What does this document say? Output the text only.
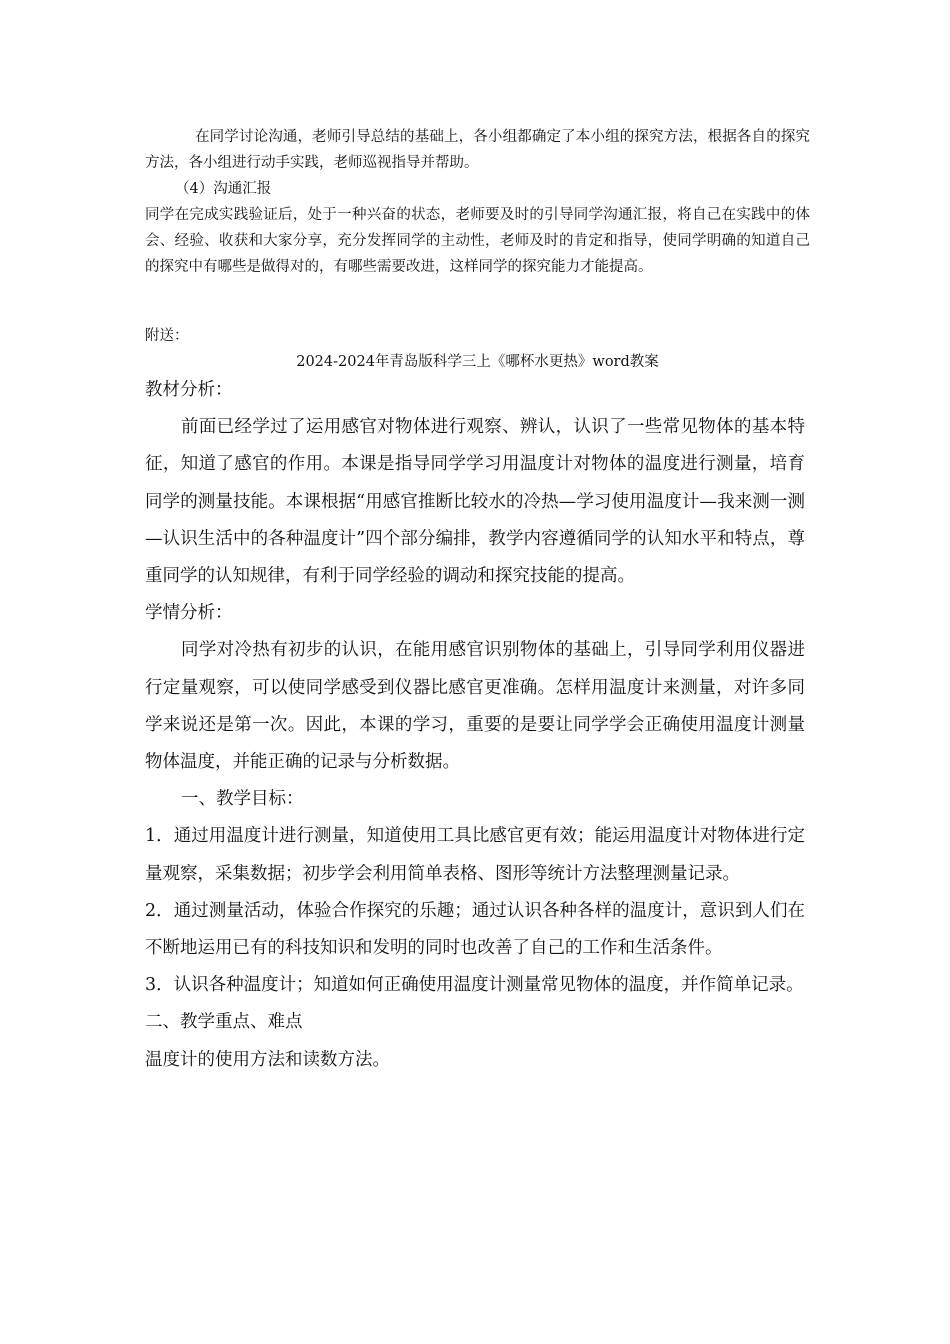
在同学讨论沟通，老师引导总结的基础上，各小组都确定了本小组的探究方法，根据各自的探究方法，各小组进行动手实践，老师巡视指导并帮助。

（4）沟通汇报

同学在完成实践验证后，处于一种兴奋的状态，老师要及时的引导同学沟通汇报，将自己在实践中的体会、经验、收获和大家分享，充分发挥同学的主动性，老师及时的肯定和指导，使同学明确的知道自己的探究中有哪些是做得对的，有哪些需要改进，这样同学的探究能力才能提高。

附送：
2024-2024年青岛版科学三上《哪杯水更热》word教案

教材分析：

前面已经学过了运用感官对物体进行观察、辨认，认识了一些常见物体的基本特征，知道了感官的作用。本课是指导同学学习用温度计对物体的温度进行测量，培育同学的测量技能。本课根据“用感官推断比较水的冷热—学习使用温度计—我来测一测—认识生活中的各种温度计”四个部分编排，教学内容遵循同学的认知水平和特点，尊重同学的认知规律，有利于同学经验的调动和探究技能的提高。

学情分析：

同学对冷热有初步的认识，在能用感官识别物体的基础上，引导同学利用仪器进行定量观察，可以使同学感受到仪器比感官更准确。怎样用温度计来测量，对许多同学来说还是第一次。因此，本课的学习，重要的是要让同学学会正确使用温度计测量物体温度，并能正确的记录与分析数据。

一、教学目标：

1．通过用温度计进行测量，知道使用工具比感官更有效；能运用温度计对物体进行定量观察，采集数据；初步学会利用简单表格、图形等统计方法整理测量记录。

2．通过测量活动，体验合作探究的乐趣；通过认识各种各样的温度计，意识到人们在不断地运用已有的科技知识和发明的同时也改善了自己的工作和生活条件。

3．认识各种温度计；知道如何正确使用温度计测量常见物体的温度，并作简单记录。

二、教学重点、难点

温度计的使用方法和读数方法。
